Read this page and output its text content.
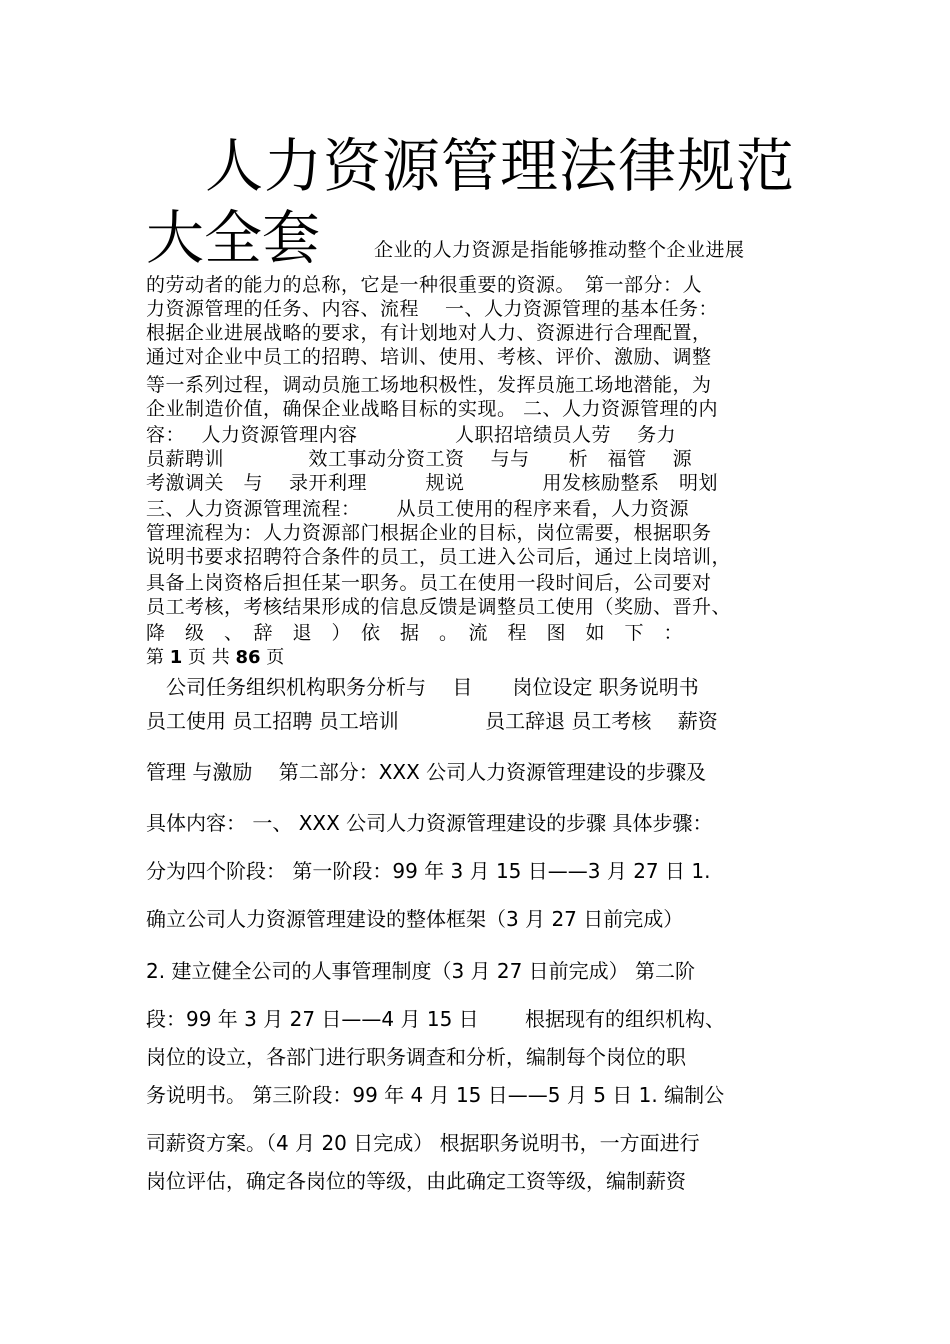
人力资源管理法律规范
大全套	企业的人力资源是指能够推动整个企业进展
的劳动者的能力的总称，它是一种很重要的资源。　第一部分：人
力资源管理的任务、内容、流程　 一、人力资源管理的基本任务：
根据企业进展战略的要求，有计划地对人力、资源进行合理配置，
通过对企业中员工的招聘、培训、使用、考核、评价、激励、调整
等一系列过程，调动员施工场地积极性，发挥员施工场地潜能，为
企业制造价值，确保企业战略目标的实现。 二、人力资源管理的内
容：　 人力资源管理内容　　　　　人职招培绩员人劳　 务力
员薪聘训　　　　 效工事动分资工资　 与与　　析　福管　 源
考激调关　与　 录开利理　　　规说　　　　用发核励整系　明划
三、人力资源管理流程：　　 从员工使用的程序来看，人力资源
管理流程为：人力资源部门根据企业的目标，岗位需要，根据职务
说明书要求招聘符合条件的员工，员工进入公司后，通过上岗培训，
具备上岗资格后担任某一职务。员工在使用一段时间后，公司要对
员工考核，考核结果形成的信息反馈是调整员工使用（奖励、晋升、
降　级　、　辞　退　）　依　据　。　流　程　图　如　下　：
第 1 页 共 86 页
　公司任务组织机构职务分析与　 目　　岗位设定 职务说明书
员工使用 员工招聘 员工培训　　　　 员工辞退 员工考核　 薪资
管理 与激励　 第二部分：XXX 公司人力资源管理建设的步骤及
具体内容： 一、 XXX 公司人力资源管理建设的步骤 具体步骤：
分为四个阶段： 第一阶段：99 年 3 月 15 日——3 月 27 日 1.
确立公司人力资源管理建设的整体框架（3 月 27 日前完成）
2. 建立健全公司的人事管理制度（3 月 27 日前完成） 第二阶
段：99 年 3 月 27 日——4 月 15 日　　 根据现有的组织机构、
岗位的设立，各部门进行职务调查和分析，编制每个岗位的职
务说明书。 第三阶段：99 年 4 月 15 日——5 月 5 日 1. 编制公
司薪资方案。（4 月 20 日完成） 根据职务说明书，一方面进行
岗位评估，确定各岗位的等级，由此确定工资等级，编制薪资
